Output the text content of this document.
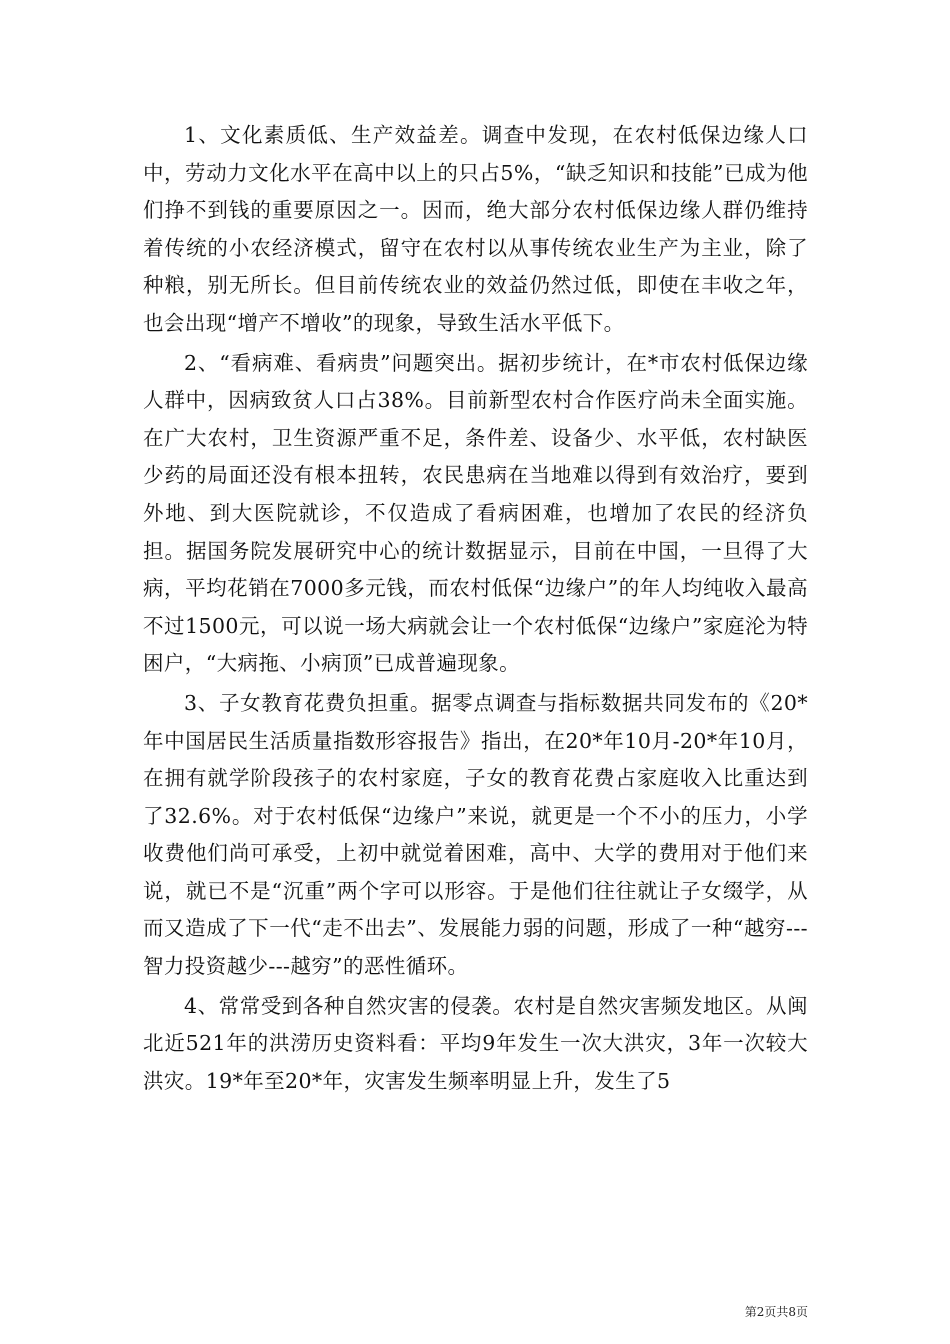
1、文化素质低、生产效益差。调查中发现，在农村低保边缘人口中，劳动力文化水平在高中以上的只占5%，“缺乏知识和技能”已成为他们挣不到钱的重要原因之一。因而，绝大部分农村低保边缘人群仍维持着传统的小农经济模式，留守在农村以从事传统农业生产为主业，除了种粮，别无所长。但目前传统农业的效益仍然过低，即使在丰收之年，也会出现“增产不增收”的现象，导致生活水平低下。

2、“看病难、看病贵”问题突出。据初步统计，在*市农村低保边缘人群中，因病致贫人口占38%。目前新型农村合作医疗尚未全面实施。在广大农村，卫生资源严重不足，条件差、设备少、水平低，农村缺医少药的局面还没有根本扭转，农民患病在当地难以得到有效治疗，要到外地、到大医院就诊，不仅造成了看病困难，也增加了农民的经济负担。据国务院发展研究中心的统计数据显示，目前在中国，一旦得了大病，平均花销在7000多元钱，而农村低保“边缘户”的年人均纯收入最高不过1500元，可以说一场大病就会让一个农村低保“边缘户”家庭沦为特困户，“大病拖、小病顶”已成普遍现象。

3、子女教育花费负担重。据零点调查与指标数据共同发布的《20*年中国居民生活质量指数形容报告》指出，在20*年10月-20*年10月，在拥有就学阶段孩子的农村家庭，子女的教育花费占家庭收入比重达到了32.6%。对于农村低保“边缘户”来说，就更是一个不小的压力，小学收费他们尚可承受，上初中就觉着困难，高中、大学的费用对于他们来说，就已不是“沉重”两个字可以形容。于是他们往往就让子女缀学，从而又造成了下一代“走不出去”、发展能力弱的问题，形成了一种“越穷---智力投资越少---越穷”的恶性循环。

4、常常受到各种自然灾害的侵袭。农村是自然灾害频发地区。从闽北近521年的洪涝历史资料看：平均9年发生一次大洪灾，3年一次较大洪灾。19*年至20*年，灾害发生频率明显上升，发生了5

第2页共8页
